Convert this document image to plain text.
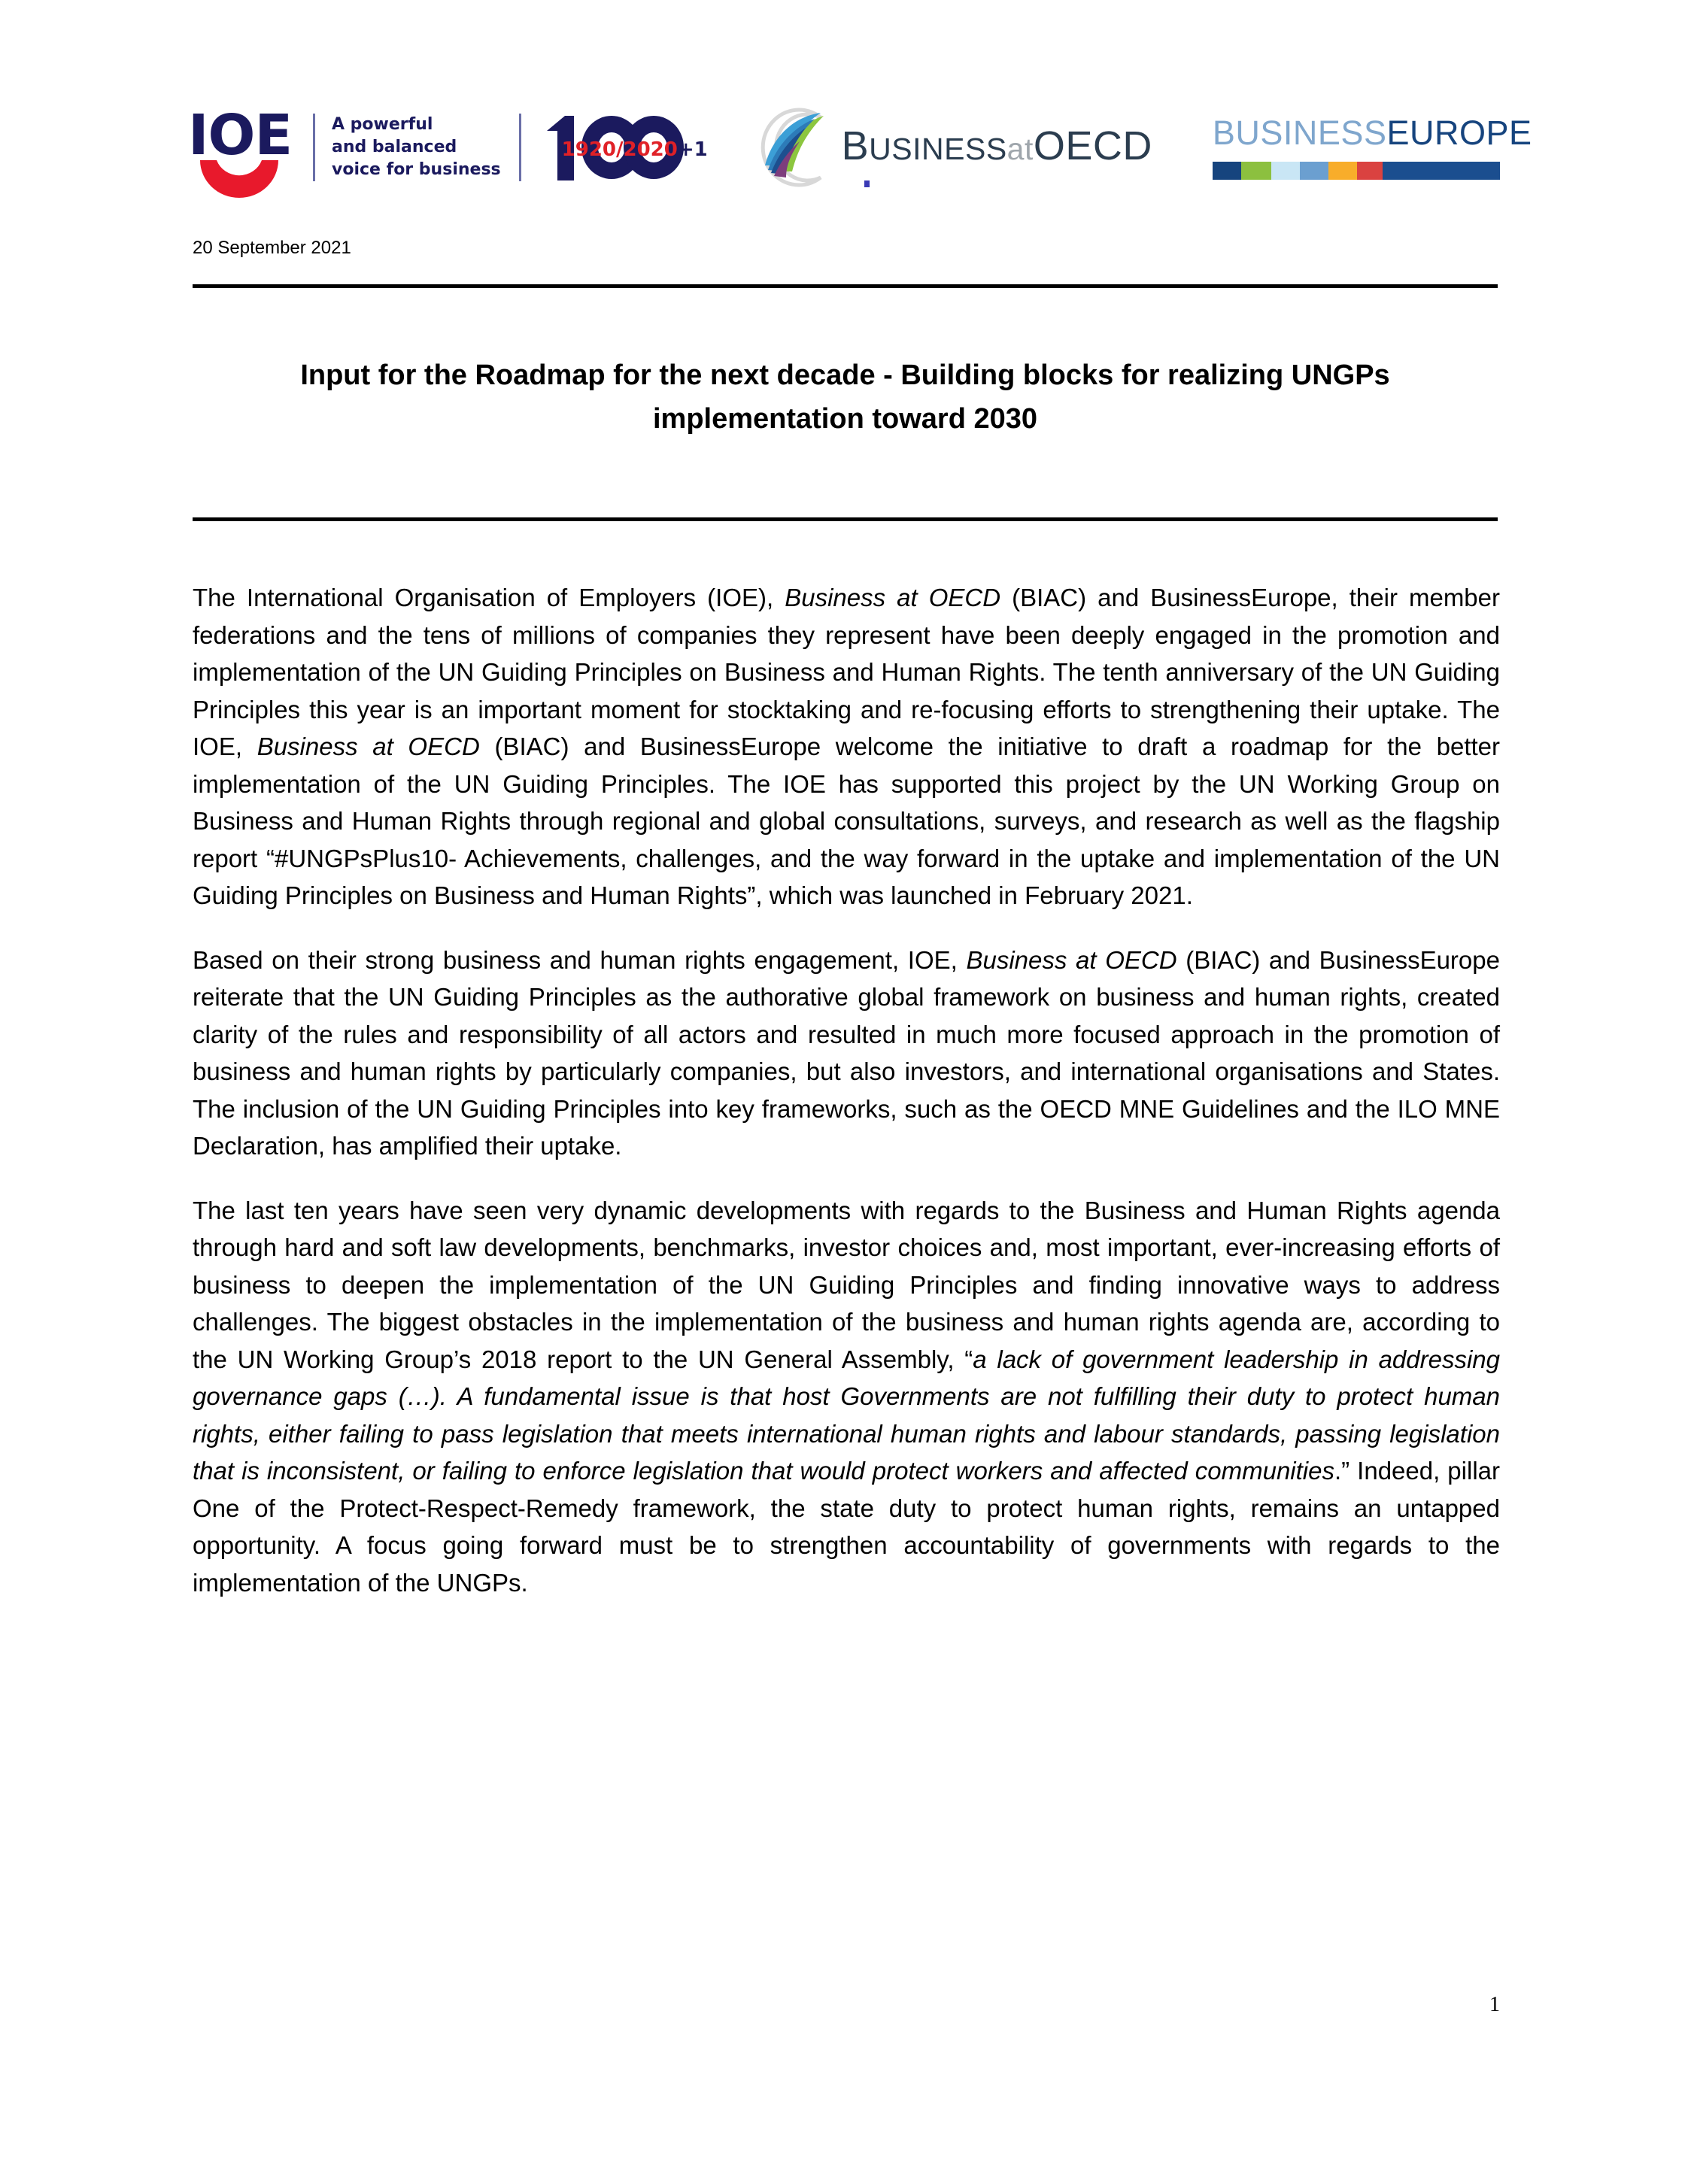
IOE A powerful
and balanced
voice for business
1920/2020+1	BUSINESSatOECD BUSINESSEUROPE
20 September 2021
Input for the Roadmap for the next decade - Building blocks for realizing UNGPs implementation toward 2030

The International Organisation of Employers (IOE), Business at OECD (BIAC) and BusinessEurope, their member federations and the tens of millions of companies they represent have been deeply engaged in the promotion and implementation of the UN Guiding Principles on Business and Human Rights. The tenth anniversary of the UN Guiding Principles this year is an important moment for stocktaking and re-focusing efforts to strengthening their uptake. The IOE, Business at OECD (BIAC) and BusinessEurope welcome the initiative to draft a roadmap for the better implementation of the UN Guiding Principles. The IOE has supported this project by the UN Working Group on Business and Human Rights through regional and global consultations, surveys, and research as well as the flagship report “#UNGPsPlus10- Achievements, challenges, and the way forward in the uptake and implementation of the UN Guiding Principles on Business and Human Rights”, which was launched in February 2021.

Based on their strong business and human rights engagement, IOE, Business at OECD (BIAC) and BusinessEurope reiterate that the UN Guiding Principles as the authorative global framework on business and human rights, created clarity of the rules and responsibility of all actors and resulted in much more focused approach in the promotion of business and human rights by particularly companies, but also investors, and international organisations and States. The inclusion of the UN Guiding Principles into key frameworks, such as the OECD MNE Guidelines and the ILO MNE Declaration, has amplified their uptake.

The last ten years have seen very dynamic developments with regards to the Business and Human Rights agenda through hard and soft law developments, benchmarks, investor choices and, most important, ever-increasing efforts of business to deepen the implementation of the UN Guiding Principles and finding innovative ways to address challenges. The biggest obstacles in the implementation of the business and human rights agenda are, according to the UN Working Group’s 2018 report to the UN General Assembly, “a lack of government leadership in addressing governance gaps (…). A fundamental issue is that host Governments are not fulfilling their duty to protect human rights, either failing to pass legislation that meets international human rights and labour standards, passing legislation that is inconsistent, or failing to enforce legislation that would protect workers and affected communities.” Indeed, pillar One of the Protect-Respect-Remedy framework, the state duty to protect human rights, remains an untapped opportunity. A focus going forward must be to strengthen accountability of governments with regards to the implementation of the UNGPs.

1
